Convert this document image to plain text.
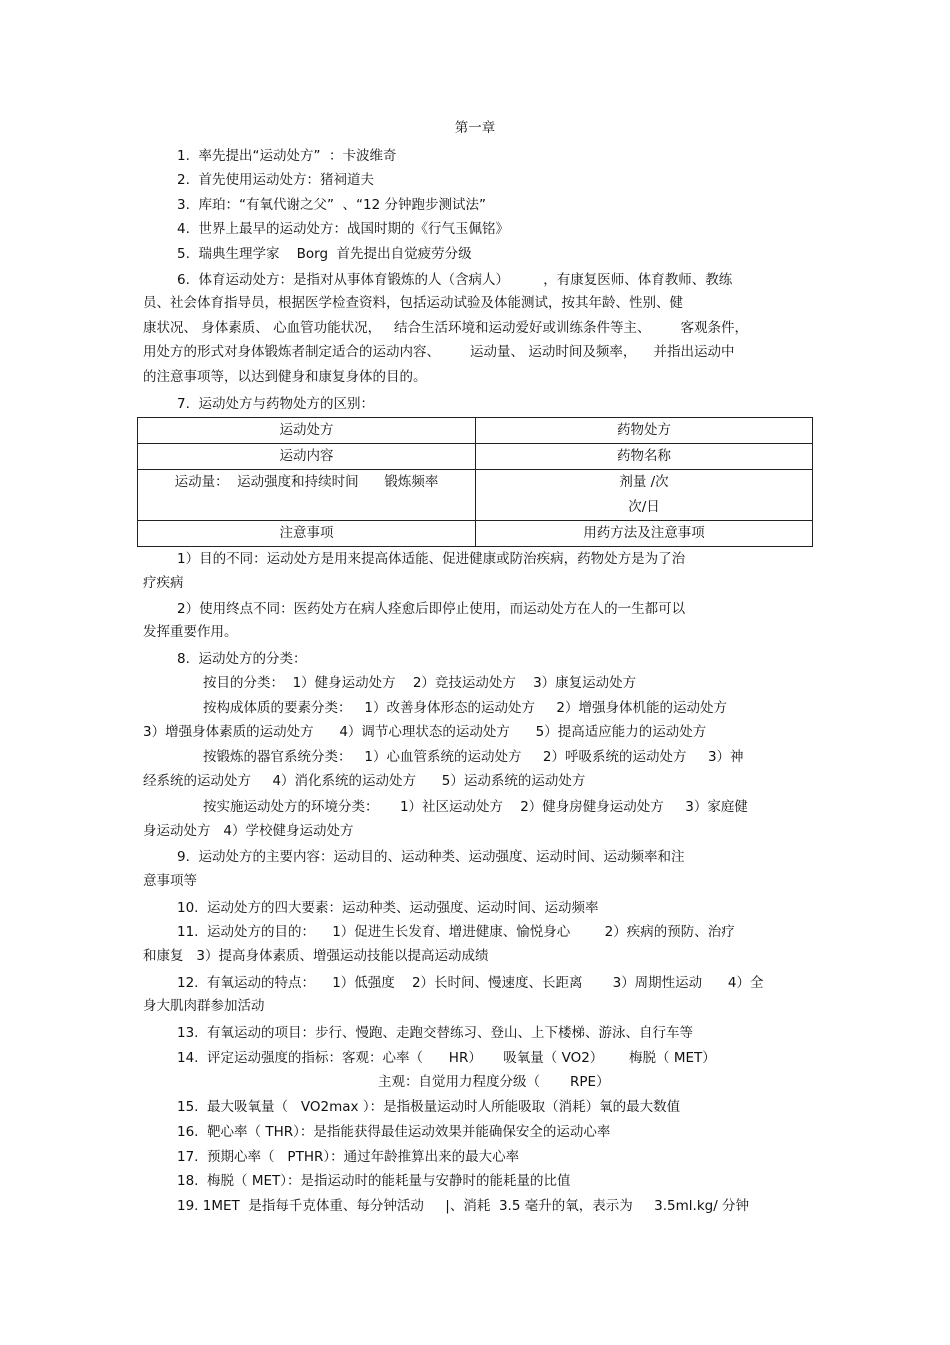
第一章
1.  率先提出“运动处方”  ：卡波维奇
2.  首先使用运动处方：猪祠道夫
3.  库珀：“有氧代谢之父”  、“12 分钟跑步测试法”
4.  世界上最早的运动处方：战国时期的《行气玉佩铭》
5.  瑞典生理学家    Borg  首先提出自觉疲劳分级
6.  体育运动处方：是指对从事体育锻炼的人（含病人）        ，有康复医师、体育教师、教练
员、社会体育指导员，根据医学检查资料，包括运动试验及体能测试，按其年龄、性别、健
康状况、 身体素质、 心血管功能状况，   结合生活环境和运动爱好或训练条件等主、       客观条件，
用处方的形式对身体锻炼者制定适合的运动内容、       运动量、 运动时间及频率，    并指出运动中
的注意事项等，以达到健身和康复身体的目的。
7.  运动处方与药物处方的区别：
运动处方	药物处方
运动内容	药物名称
运动量：  运动强度和持续时间      锻炼频率	剂量 /次
次/日

注意事项	用药方法及注意事项
1）目的不同：运动处方是用来提高体适能、促进健康或防治疾病，药物处方是为了治
疗疾病
2）使用终点不同：医药处方在病人痊愈后即停止使用，而运动处方在人的一生都可以
发挥重要作用。
8.  运动处方的分类：
按目的分类：  1）健身运动处方    2）竞技运动处方    3）康复运动处方
按构成体质的要素分类：   1）改善身体形态的运动处方     2）增强身体机能的运动处方
3）增强身体素质的运动处方      4）调节心理状态的运动处方      5）提高适应能力的运动处方
按锻炼的器官系统分类：   1）心血管系统的运动处方     2）呼吸系统的运动处方     3）神
经系统的运动处方     4）消化系统的运动处方      5）运动系统的运动处方
按实施运动处方的环境分类：     1）社区运动处方    2）健身房健身运动处方     3）家庭健
身运动处方   4）学校健身运动处方
9.  运动处方的主要内容：运动目的、运动种类、运动强度、运动时间、运动频率和注
意事项等
10.  运动处方的四大要素：运动种类、运动强度、运动时间、运动频率
11.  运动处方的目的：    1）促进生长发育、增进健康、愉悦身心        2）疾病的预防、治疗
和康复   3）提高身体素质、增强运动技能以提高运动成绩
12.  有氧运动的特点：    1）低强度    2）长时间、慢速度、长距离       3）周期性运动      4）全
身大肌肉群参加活动
13.  有氧运动的项目：步行、慢跑、走跑交替练习、登山、上下楼梯、游泳、自行车等
14.  评定运动强度的指标：客观：心率（      HR）     吸氧量（ VO2）      梅脱（ MET）
主观：自觉用力程度分级（       RPE）
15.  最大吸氧量（   VO2max ）：是指极量运动时人所能吸取（消耗）氧的最大数值
16.  靶心率（ THR）：是指能获得最佳运动效果并能确保安全的运动心率
17.  预期心率（   PTHR）：通过年龄推算出来的最大心率
18.  梅脱（ MET）：是指运动时的能耗量与安静时的能耗量的比值
19. 1MET  是指每千克体重、每分钟活动     |、消耗  3.5 毫升的氧，表示为     3.5ml.kg/ 分钟
